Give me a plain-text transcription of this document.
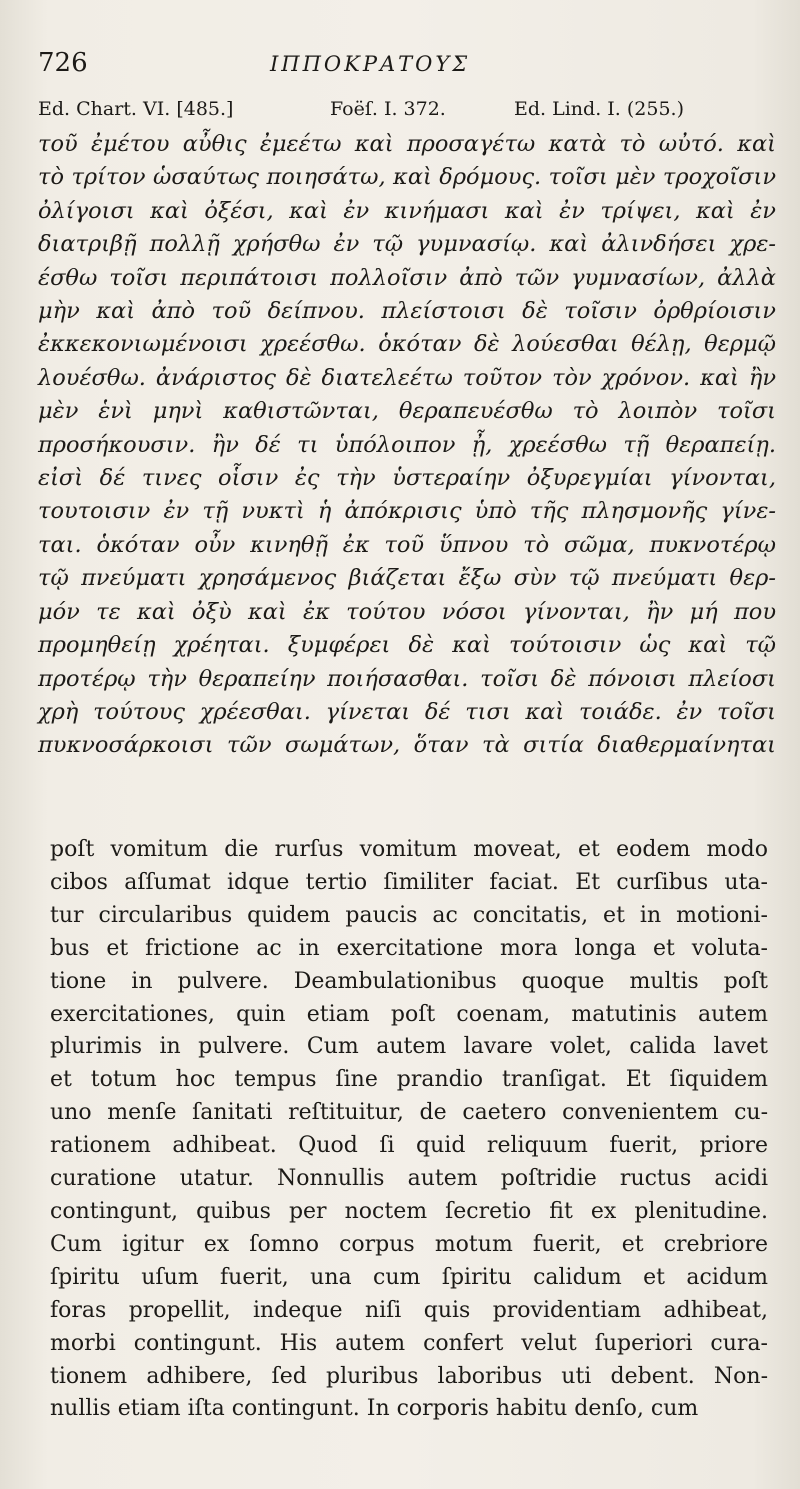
726	ΙΠΠΟΚΡΑΤΟΥΣ
Ed. Chart. VI. [485.]	Foëſ. I. 372.	Ed. Lind. I. (255.)
τοῦ ἐμέτου αὖθις ἐμεέτω καὶ προσαγέτω κατὰ τὸ ωὐτό. καὶ
τὸ τρίτον ὡσαύτως ποιησάτω, καὶ δρόμους. τοῖσι μὲν τροχοῖσιν
ὀλίγοισι καὶ ὀξέσι, καὶ ἐν κινήμασι καὶ ἐν τρίψει, καὶ ἐν
διατριβῇ πολλῇ χρήσθω ἐν τῷ γυμνασίῳ. καὶ ἀλινδήσει χρε-
έσθω τοῖσι περιπάτοισι πολλοῖσιν ἀπὸ τῶν γυμνασίων, ἀλλὰ
μὴν καὶ ἀπὸ τοῦ δείπνου. πλείστοισι δὲ τοῖσιν ὀρθρίοισιν
ἐκκεκονιωμένοισι χρεέσθω. ὁκόταν δὲ λούεσθαι θέλῃ, θερμῷ
λουέσθω. ἀνάριστος δὲ διατελεέτω τοῦτον τὸν χρόνον. καὶ ἢν
μὲν ἑνὶ μηνὶ καθιστῶνται, θεραπευέσθω τὸ λοιπὸν τοῖσι
προσήκουσιν. ἢν δέ τι ὑπόλοιπον ᾖ, χρεέσθω τῇ θεραπείῃ.
εἰσὶ δέ τινες οἷσιν ἐς τὴν ὑστεραίην ὀξυρεγμίαι γίνονται,
τουτοισιν ἐν τῇ νυκτὶ ἡ ἀπόκρισις ὑπὸ τῆς πλησμονῆς γίνε-
ται. ὁκόταν οὖν κινηθῇ ἐκ τοῦ ὕπνου τὸ σῶμα, πυκνοτέρῳ
τῷ πνεύματι χρησάμενος βιάζεται ἔξω σὺν τῷ πνεύματι θερ-
μόν τε καὶ ὀξὺ καὶ ἐκ τούτου νόσοι γίνονται, ἢν μή που
προμηθείῃ χρέηται. ξυμφέρει δὲ καὶ τούτοισιν ὡς καὶ τῷ
προτέρῳ τὴν θεραπείην ποιήσασθαι. τοῖσι δὲ πόνοισι πλείοσι
χρὴ τούτους χρέεσθαι. γίνεται δέ τισι καὶ τοιάδε. ἐν τοῖσι
πυκνοσάρκοισι τῶν σωμάτων, ὅταν τὰ σιτία διαθερμαίνηται
poſt vomitum die rurſus vomitum moveat, et eodem modo
cibos aſſumat idque tertio ſimiliter faciat. Et curſibus uta-
tur circularibus quidem paucis ac concitatis, et in motioni-
bus et frictione ac in exercitatione mora longa et voluta-
tione in pulvere. Deambulationibus quoque multis poſt
exercitationes, quin etiam poſt coenam, matutinis autem
plurimis in pulvere. Cum autem lavare volet, calida lavet
et totum hoc tempus ſine prandio tranſigat. Et ſiquidem
uno menſe ſanitati reſtituitur, de caetero convenientem cu-
rationem adhibeat. Quod ſi quid reliquum fuerit, priore
curatione utatur. Nonnullis autem poſtridie ructus acidi
contingunt, quibus per noctem ſecretio fit ex plenitudine.
Cum igitur ex ſomno corpus motum fuerit, et crebriore
ſpiritu uſum fuerit, una cum ſpiritu calidum et acidum
foras propellit, indeque niſi quis providentiam adhibeat,
morbi contingunt. His autem confert velut ſuperiori cura-
tionem adhibere, ſed pluribus laboribus uti debent. Non-
nullis etiam iſta contingunt. In corporis habitu denſo, cum
